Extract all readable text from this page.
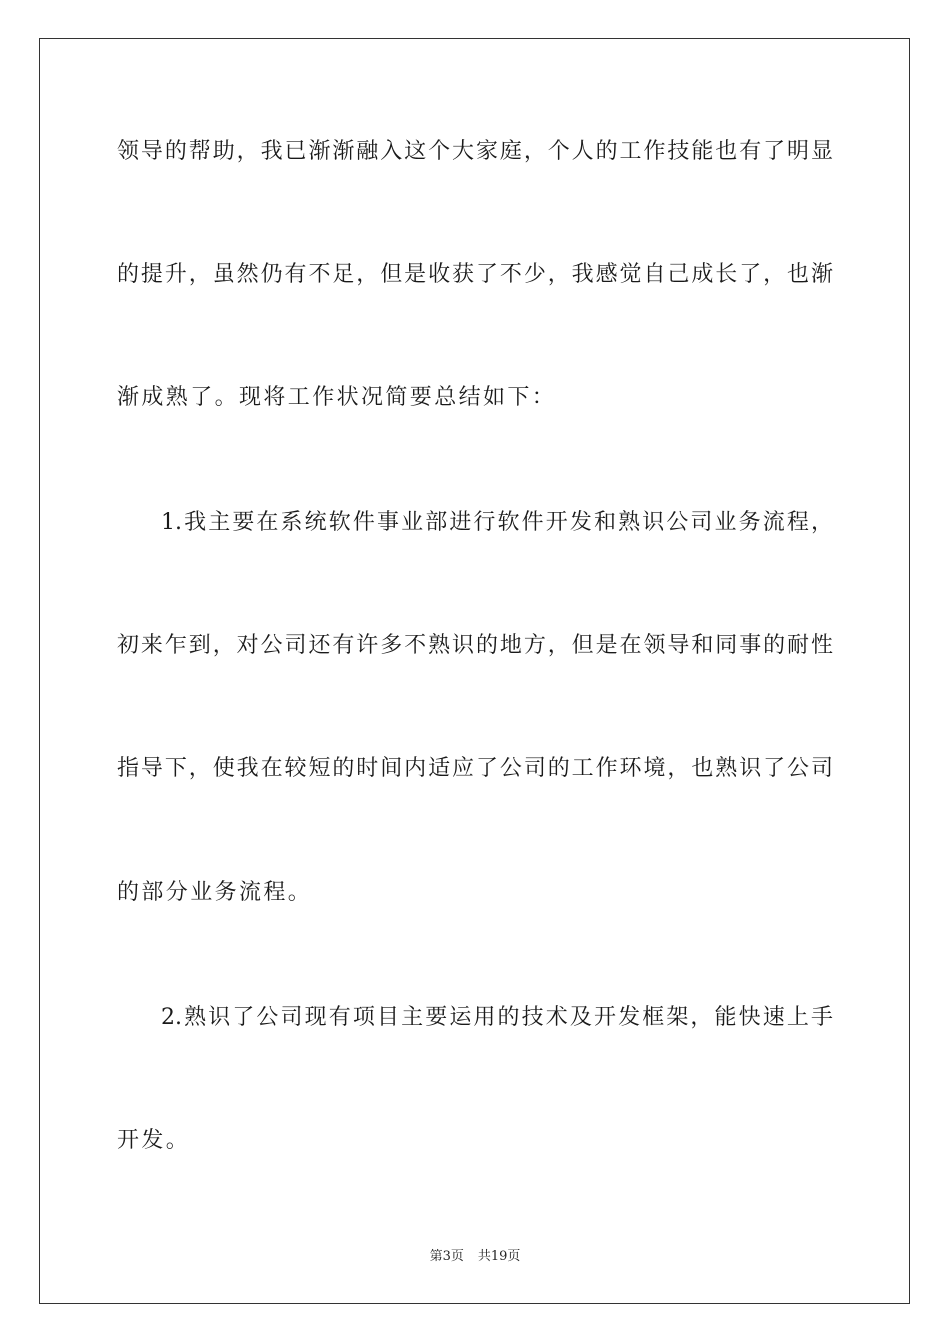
领导的帮助，我已渐渐融入这个大家庭，个人的工作技能也有了明显
的提升，虽然仍有不足，但是收获了不少，我感觉自己成长了，也渐
渐成熟了。现将工作状况简要总结如下：
1.我主要在系统软件事业部进行软件开发和熟识公司业务流程，
初来乍到，对公司还有许多不熟识的地方，但是在领导和同事的耐性
指导下，使我在较短的时间内适应了公司的工作环境，也熟识了公司
的部分业务流程。
2.熟识了公司现有项目主要运用的技术及开发框架，能快速上手
开发。
第3页 共19页
